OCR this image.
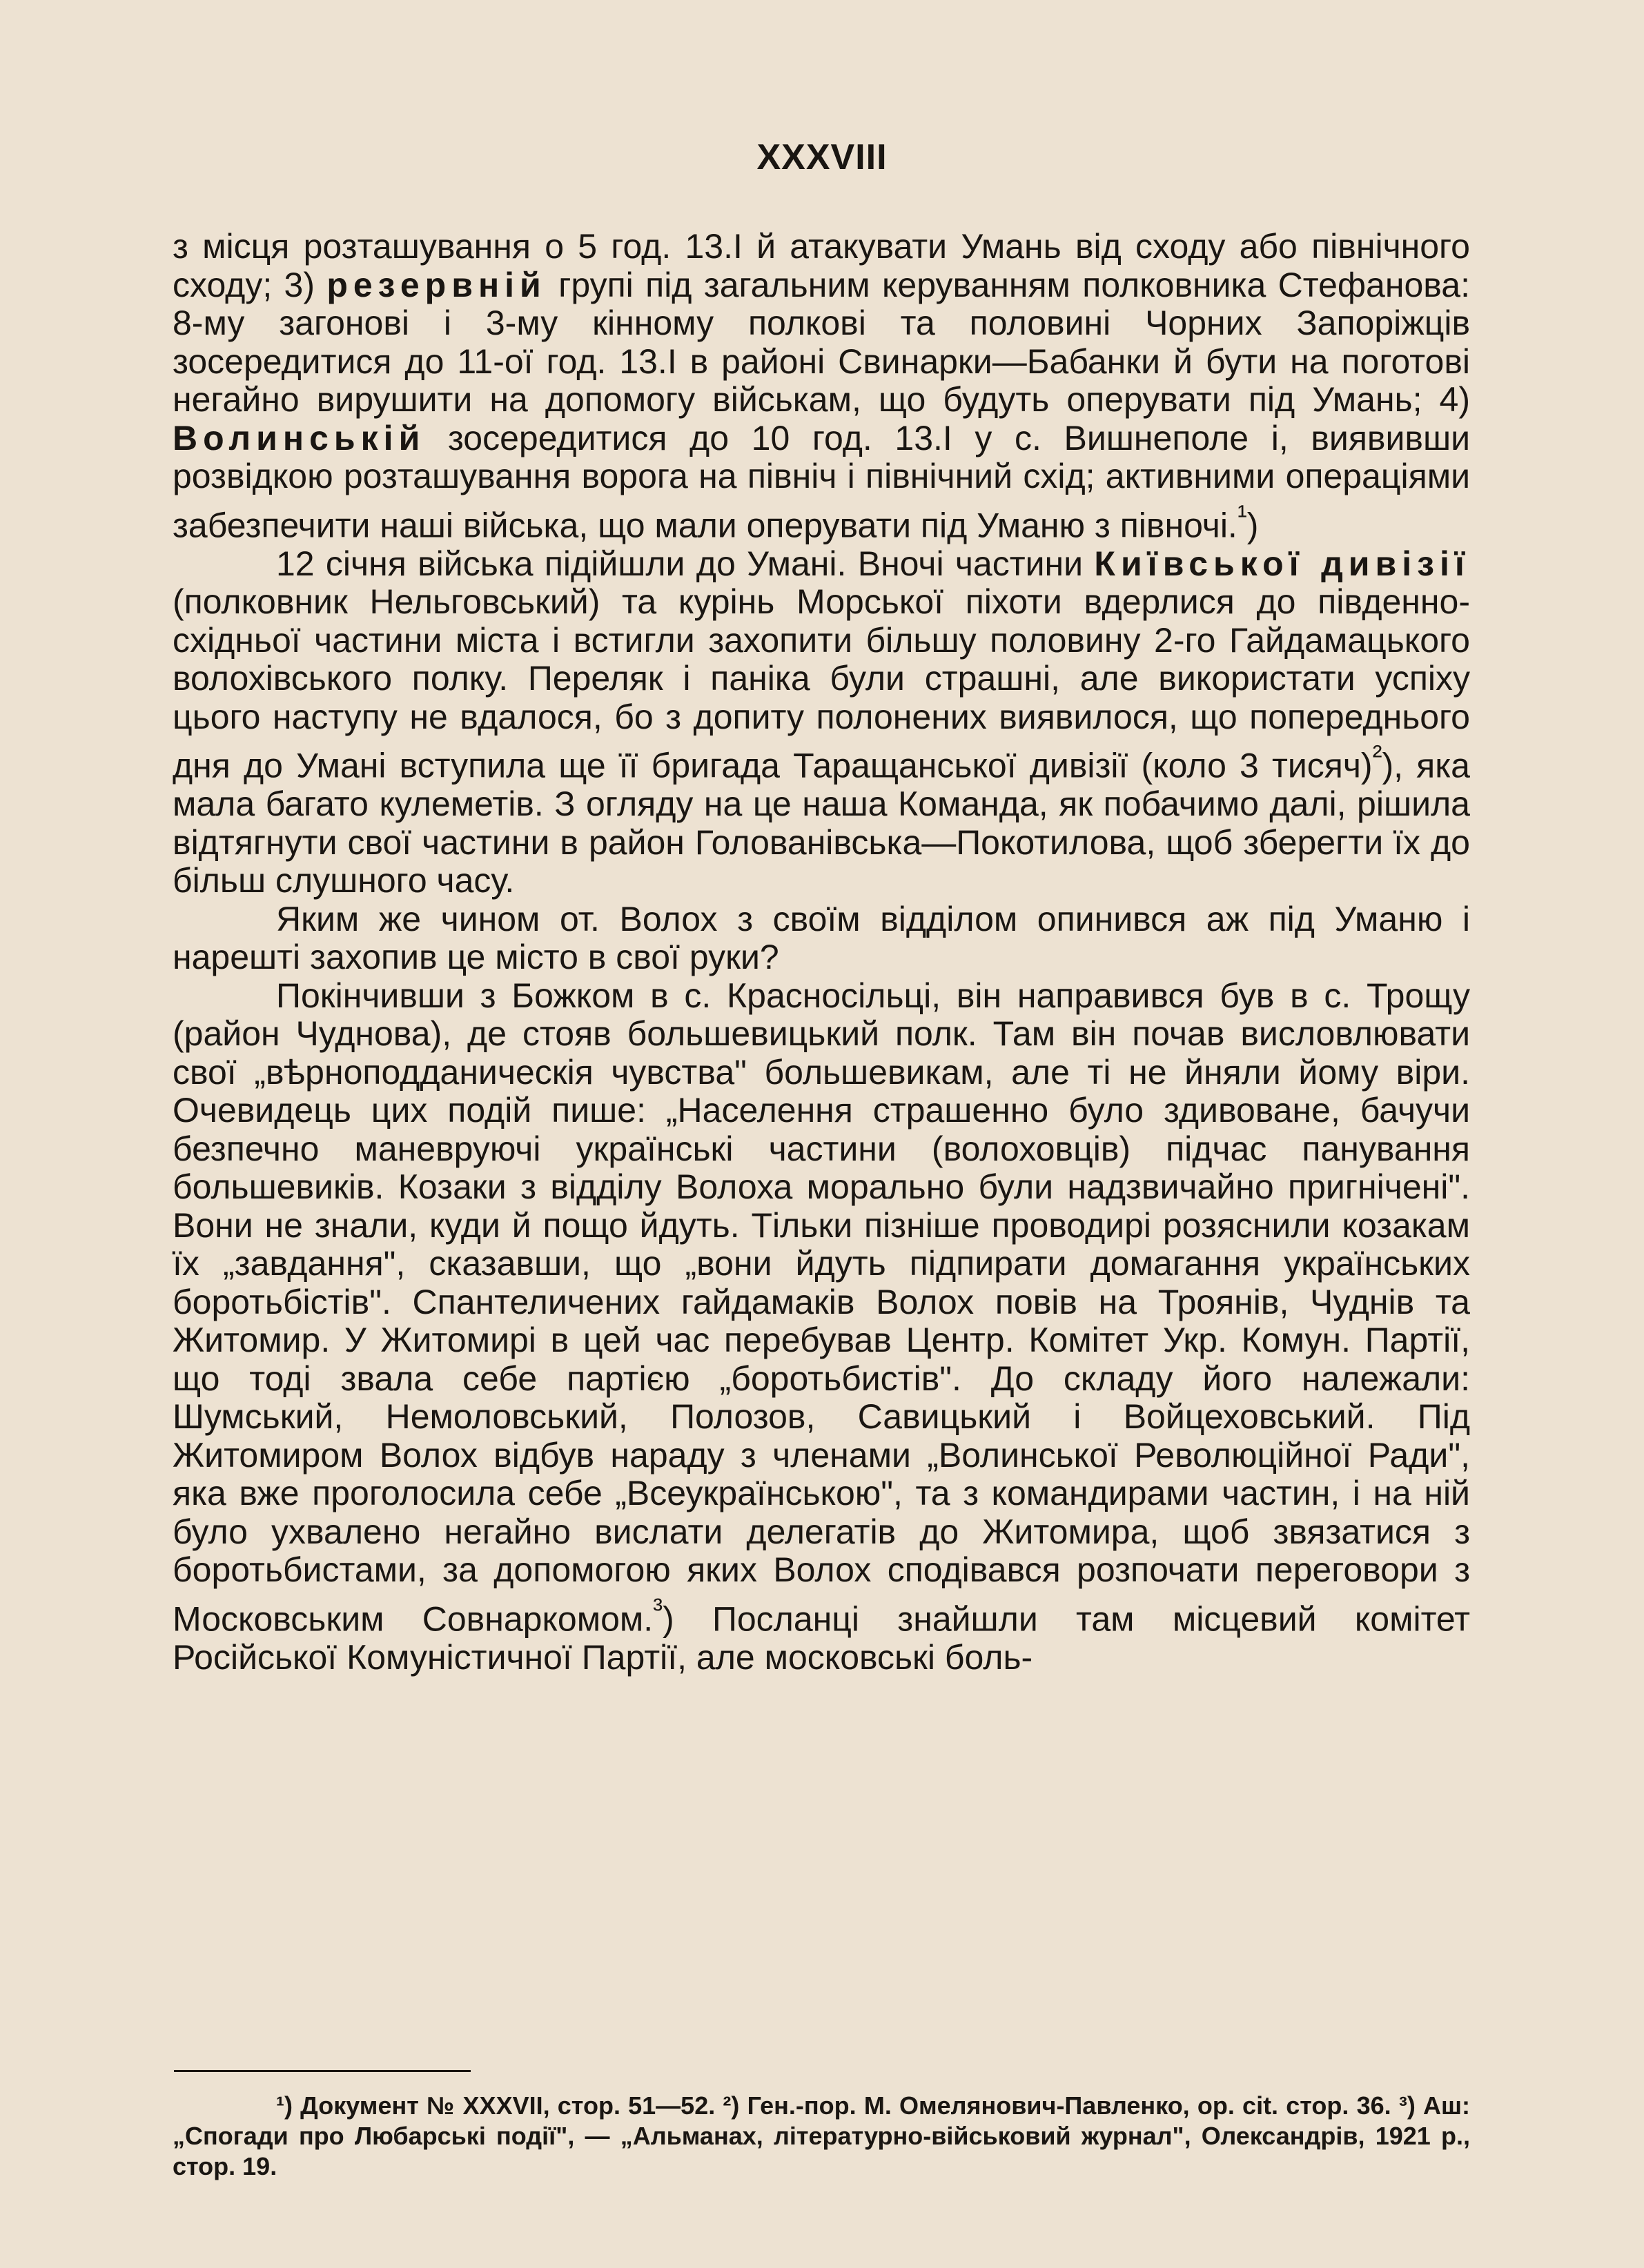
XXXVIII

з місця розташування о 5 год. 13.І й атакувати Умань від сходу або північного сходу; 3) резервній групі під загальним керуванням полковника Стефанова: 8-му загонові і 3-му кінному полкові та половині Чорних Запоріжців зосередитися до 11-ої год. 13.І в районі Свинарки—Бабанки й бути на поготові негайно вирушити на допомогу військам, що будуть оперувати під Умань; 4) Волинській зосередитися до 10 год. 13.І у с. Вишнеполе і, виявивши розвідкою розташування ворога на північ і північний схід; активними операціями забезпечити наші війська, що мали оперувати під Уманю з півночі.$^{^1}$)

12 січня війська підійшли до Умані. Вночі частини Київської дивізії (полковник Нельговський) та курінь Морської піхоти вдерлися до південно-східньої частини міста і встигли захопити більшу половину 2-го Гайдамацького волохівського полку. Переляк і паніка були страшні, але використати успіху цього наступу не вдалося, бо з допиту полонених виявилося, що попереднього дня до Умані вступила ще її бригада Таращанської дивізії (коло 3 тисяч)$^{^2}$), яка мала багато кулеметів. З огляду на це наша Команда, як побачимо далі, рішила відтягнути свої частини в район Голованівська—Покотилова, щоб зберегти їх до більш слушного часу.

Яким же чином от. Волох з своїм відділом опинився аж під Уманю і нарешті захопив це місто в свої руки?

Покінчивши з Божком в с. Красносільці, він направився був в с. Трощу (район Чуднова), де стояв большевицький полк. Там він почав висловлювати свої „вѣрноподданическія чувства" большевикам, але ті не йняли йому віри. Очевидець цих подій пише: „Населення страшенно було здивоване, бачучи безпечно маневруючі українські частини (волоховців) підчас панування большевиків. Козаки з відділу Волоха морально були надзвичайно пригнічені". Вони не знали, куди й пощо йдуть. Тільки пізніше проводирі розяснили козакам їх „завдання", сказавши, що „вони йдуть підпирати домагання українських боротьбістів". Спантеличених гайдамаків Волох повів на Троянів, Чуднів та Житомир. У Житомирі в цей час перебував Центр. Комітет Укр. Комун. Партії, що тоді звала себе партією „боротьбистів". До складу його належали: Шумський, Немоловський, Полозов, Савицький і Войцеховський. Під Житомиром Волох відбув нараду з членами „Волинської Революційної Ради", яка вже проголосила себе „Всеукраїнською", та з командирами частин, і на ній було ухвалено негайно вислати делегатів до Житомира, щоб звязатися з боротьбистами, за допомогою яких Волох сподівався розпочати переговори з Московським Совнаркомом.$^{^3}$) Посланці знайшли там місцевий комітет Російської Комуністичної Партії, але московські боль-

¹) Документ № XXXVII, стор. 51—52. ²) Ген.-пор. М. Омелянович-Павленко, op. cit. стор. 36. ³) Аш: „Спогади про Любарські події", — „Альманах, літературно-військовий журнал", Олександрів, 1921 р., стор. 19.
